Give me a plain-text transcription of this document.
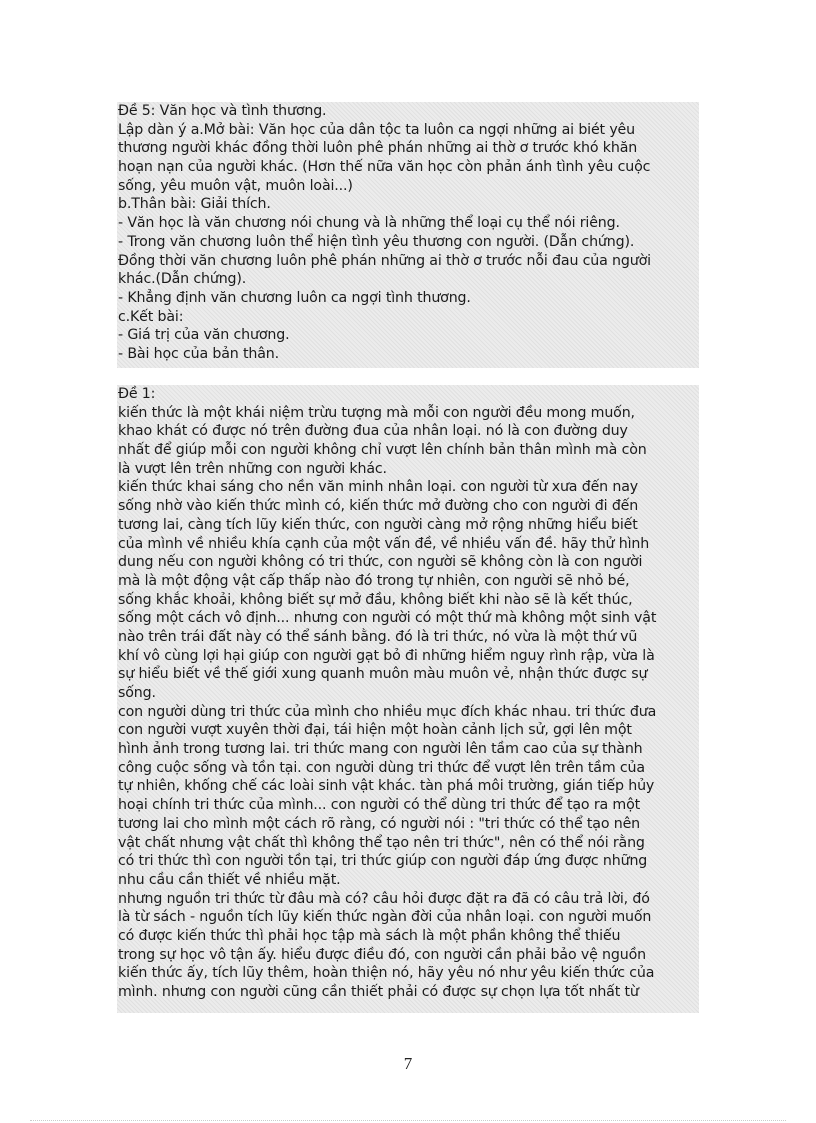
Đề 5: Văn học và tình thương.
Lập dàn ý a.Mở bài: Văn học của dân tộc ta luôn ca ngợi những ai biét yêu
thương người khác đồng thời luôn phê phán những ai thờ ơ trước khó khăn
hoạn nạn của người khác. (Hơn thế nữa văn học còn phản ánh tình yêu cuộc
sống, yêu muôn vật, muôn loài...)
b.Thân bài: Giải thích.
- Văn học là văn chương nói chung và là những thể loại cụ thể nói riêng.
- Trong văn chương luôn thể hiện tình yêu thương con người. (Dẫn chứng).
Đồng thời văn chương luôn phê phán những ai thờ ơ trước nỗi đau của người
khác.(Dẫn chứng).
- Khẳng định văn chương luôn ca ngợi tình thương.
c.Kết bài:
- Giá trị của văn chương.
- Bài học của bản thân.
Đề 1:
kiến thức là một khái niệm trừu tượng mà mỗi con người đều mong muốn,
khao khát có được nó trên đường đua của nhân loại. nó là con đường duy
nhất để giúp mỗi con người không chỉ vượt lên chính bản thân mình mà còn
là vượt lên trên những con người khác.
kiến thức khai sáng cho nền văn minh nhân loại. con người từ xưa đến nay
sống nhờ vào kiến thức mình có, kiến thức mở đường cho con người đi đến
tương lai, càng tích lũy kiến thức, con người càng mở rộng những hiểu biết
của mình về nhiều khía cạnh của một vấn đề, về nhiều vấn đề. hãy thử hình
dung nếu con người không có tri thức, con người sẽ không còn là con người
mà là một động vật cấp thấp nào đó trong tự nhiên, con người sẽ nhỏ bé,
sống khắc khoải, không biết sự mở đầu, không biết khi nào sẽ là kết thúc,
sống một cách vô định... nhưng con người có một thứ mà không một sinh vật
nào trên trái đất này có thể sánh bằng. đó là tri thức, nó vừa là một thứ vũ
khí vô cùng lợi hại giúp con người gạt bỏ đi những hiểm nguy rình rập, vừa là
sự hiểu biết về thế giới xung quanh muôn màu muôn vẻ, nhận thức được sự
sống.
con người dùng tri thức của mình cho nhiều mục đích khác nhau. tri thức đưa
con người vượt xuyên thời đại, tái hiện một hoàn cảnh lịch sử, gợi lên một
hình ảnh trong tương lai. tri thức mang con người lên tầm cao của sự thành
công cuộc sống và tồn tại. con người dùng tri thức để vượt lên trên tầm của
tự nhiên, khống chế các loài sinh vật khác. tàn phá môi trường, gián tiếp hủy
hoại chính tri thức của mình... con người có thể dùng tri thức để tạo ra một
tương lai cho mình một cách rõ ràng, có người nói : "tri thức có thể tạo nên
vật chất nhưng vật chất thì không thể tạo nên tri thức", nên có thể nói rằng
có tri thức thì con người tồn tại, tri thức giúp con người đáp ứng được những
nhu cầu cần thiết về nhiều mặt.
nhưng nguồn tri thức từ đâu mà có? câu hỏi được đặt ra đã có câu trả lời, đó
là từ sách - nguồn tích lũy kiến thức ngàn đời của nhân loại. con người muốn
có được kiến thức thì phải học tập mà sách là một phần không thể thiếu
trong sự học vô tận ấy. hiểu được điều đó, con người cần phải bảo vệ nguồn
kiến thức ấy, tích lũy thêm, hoàn thiện nó, hãy yêu nó như yêu kiến thức của
mình. nhưng con người cũng cần thiết phải có được sự chọn lựa tốt nhất từ
7
